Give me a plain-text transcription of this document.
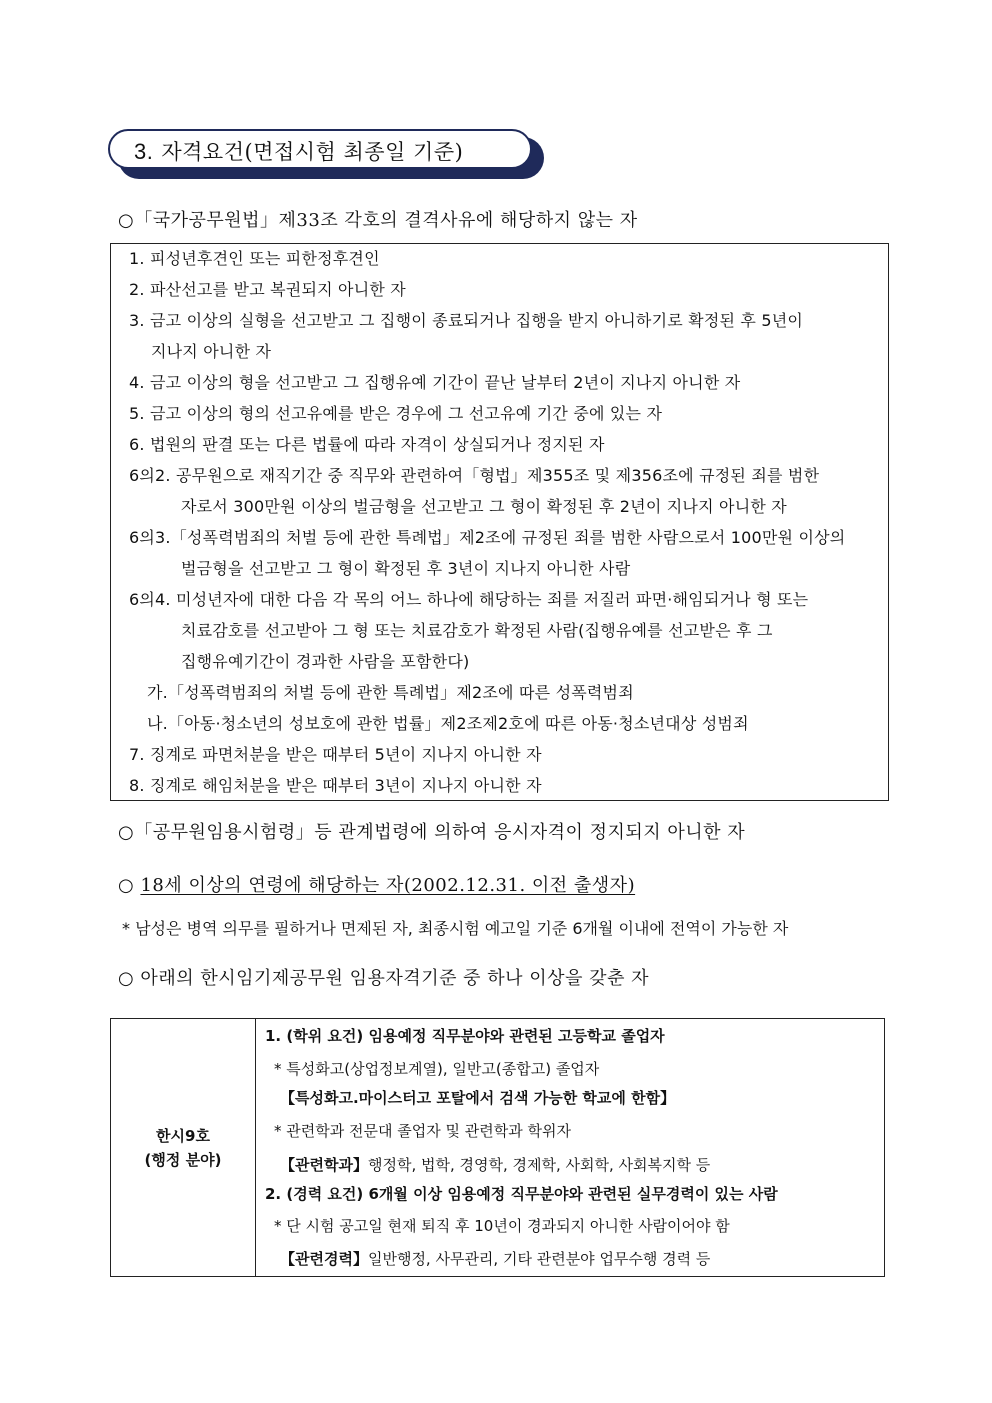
3. 자격요건(면접시험 최종일 기준)
○「국가공무원법」제33조 각호의 결격사유에 해당하지 않는 자
1. 피성년후견인 또는 피한정후견인
2. 파산선고를 받고 복권되지 아니한 자
3. 금고 이상의 실형을 선고받고 그 집행이 종료되거나 집행을 받지 아니하기로 확정된 후 5년이
지나지 아니한 자
4. 금고 이상의 형을 선고받고 그 집행유예 기간이 끝난 날부터 2년이 지나지 아니한 자
5. 금고 이상의 형의 선고유예를 받은 경우에 그 선고유예 기간 중에 있는 자
6. 법원의 판결 또는 다른 법률에 따라 자격이 상실되거나 정지된 자
6의2. 공무원으로 재직기간 중 직무와 관련하여「형법」제355조 및 제356조에 규정된 죄를 범한
자로서 300만원 이상의 벌금형을 선고받고 그 형이 확정된 후 2년이 지나지 아니한 자
6의3.「성폭력범죄의 처벌 등에 관한 특례법」제2조에 규정된 죄를 범한 사람으로서 100만원 이상의
벌금형을 선고받고 그 형이 확정된 후 3년이 지나지 아니한 사람
6의4. 미성년자에 대한 다음 각 목의 어느 하나에 해당하는 죄를 저질러 파면·해임되거나 형 또는
치료감호를 선고받아 그 형 또는 치료감호가 확정된 사람(집행유예를 선고받은 후 그
집행유예기간이 경과한 사람을 포함한다)
가.「성폭력범죄의 처벌 등에 관한 특례법」제2조에 따른 성폭력범죄
나.「아동·청소년의 성보호에 관한 법률」제2조제2호에 따른 아동·청소년대상 성범죄
7. 징계로 파면처분을 받은 때부터 5년이 지나지 아니한 자
8. 징계로 해임처분을 받은 때부터 3년이 지나지 아니한 자
○「공무원임용시험령」등 관계법령에 의하여 응시자격이 정지되지 아니한 자
○ 18세 이상의 연령에 해당하는 자(2002.12.31. 이전 출생자)
* 남성은 병역 의무를 필하거나 면제된 자, 최종시험 예고일 기준 6개월 이내에 전역이 가능한 자
○ 아래의 한시임기제공무원 임용자격기준 중 하나 이상을 갖춘 자
한시9호
(행정 분야)

1. (학위 요건) 임용예정 직무분야와 관련된 고등학교 졸업자
* 특성화고(상업정보계열), 일반고(종합고) 졸업자
【특성화고.마이스터고 포탈에서 검색 가능한 학교에 한함】
* 관련학과 전문대 졸업자 및 관련학과 학위자
【관련학과】행정학, 법학, 경영학, 경제학, 사회학, 사회복지학 등
2. (경력 요건) 6개월 이상 임용예정 직무분야와 관련된 실무경력이 있는 사람
* 단 시험 공고일 현재 퇴직 후 10년이 경과되지 아니한 사람이어야 함
【관련경력】일반행정, 사무관리, 기타 관련분야 업무수행 경력 등
